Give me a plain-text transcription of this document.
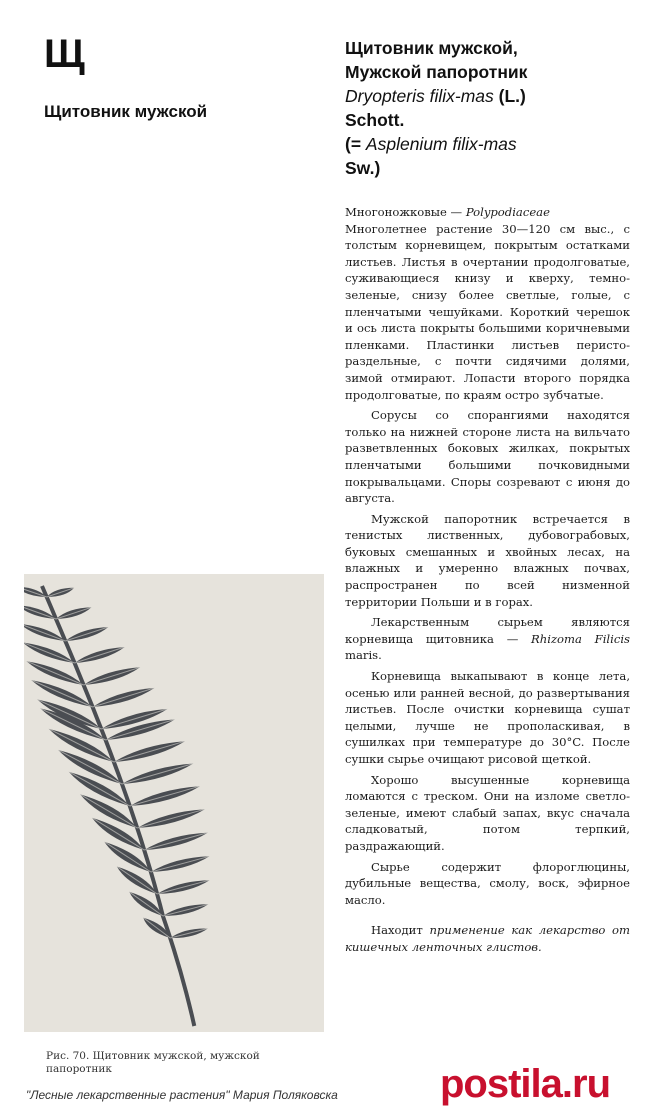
Щ
Щитовник мужской
Щитовник мужской,
Мужской папоротник
Dryopteris filix-mas (L.)
Schott.
(= Asplenium filix-mas
Sw.)

Многоножковые — Polypodiaceae
Многолетнее растение 30—120 см выс., с толстым корневищем, покрытым остатками листьев. Листья в очертании продолговатые, суживающиеся книзу и кверху, темно-зеленые, снизу более светлые, голые, с пленчатыми чешуйками. Короткий черешок и ось листа покрыты большими коричневыми пленками. Пластинки листьев перисто-раздельные, с почти сидячими долями, зимой отмирают. Лопасти второго порядка продолговатые, по краям остро зубчатые.

Сорусы со спорангиями находятся только на нижней стороне листа на вильчато разветвленных боковых жилках, покрытых пленчатыми большими почковидными покрывальцами. Споры созревают с июня до августа.

Мужской папоротник встречается в тенистых лиственных, дубовограбовых, буковых смешанных и хвойных лесах, на влажных и умеренно влажных почвах, распространен по всей низменной территории Польши и в горах.

Лекарственным сырьем являются корневища щитовника — Rhizoma Filicis maris.

Корневища выкапывают в конце лета, осенью или ранней весной, до развертывания листьев. После очистки корневища сушат целыми, лучше не прополаскивая, в сушилках при температуре до 30°C. После сушки сырье очищают рисовой щеткой.

Хорошо высушенные корневища ломаются с треском. Они на изломе светло-зеленые, имеют слабый запах, вкус сначала сладковатый, потом терпкий, раздражающий.

Сырье содержит флороглюцины, дубильные вещества, смолу, воск, эфирное масло.

Находит применение как лекарство от кишечных ленточных глистов.

Рис. 70. Щитовник мужской, мужской папоротник
"Лесные лекарственные растения" Мария Поляковска	postila.ru
